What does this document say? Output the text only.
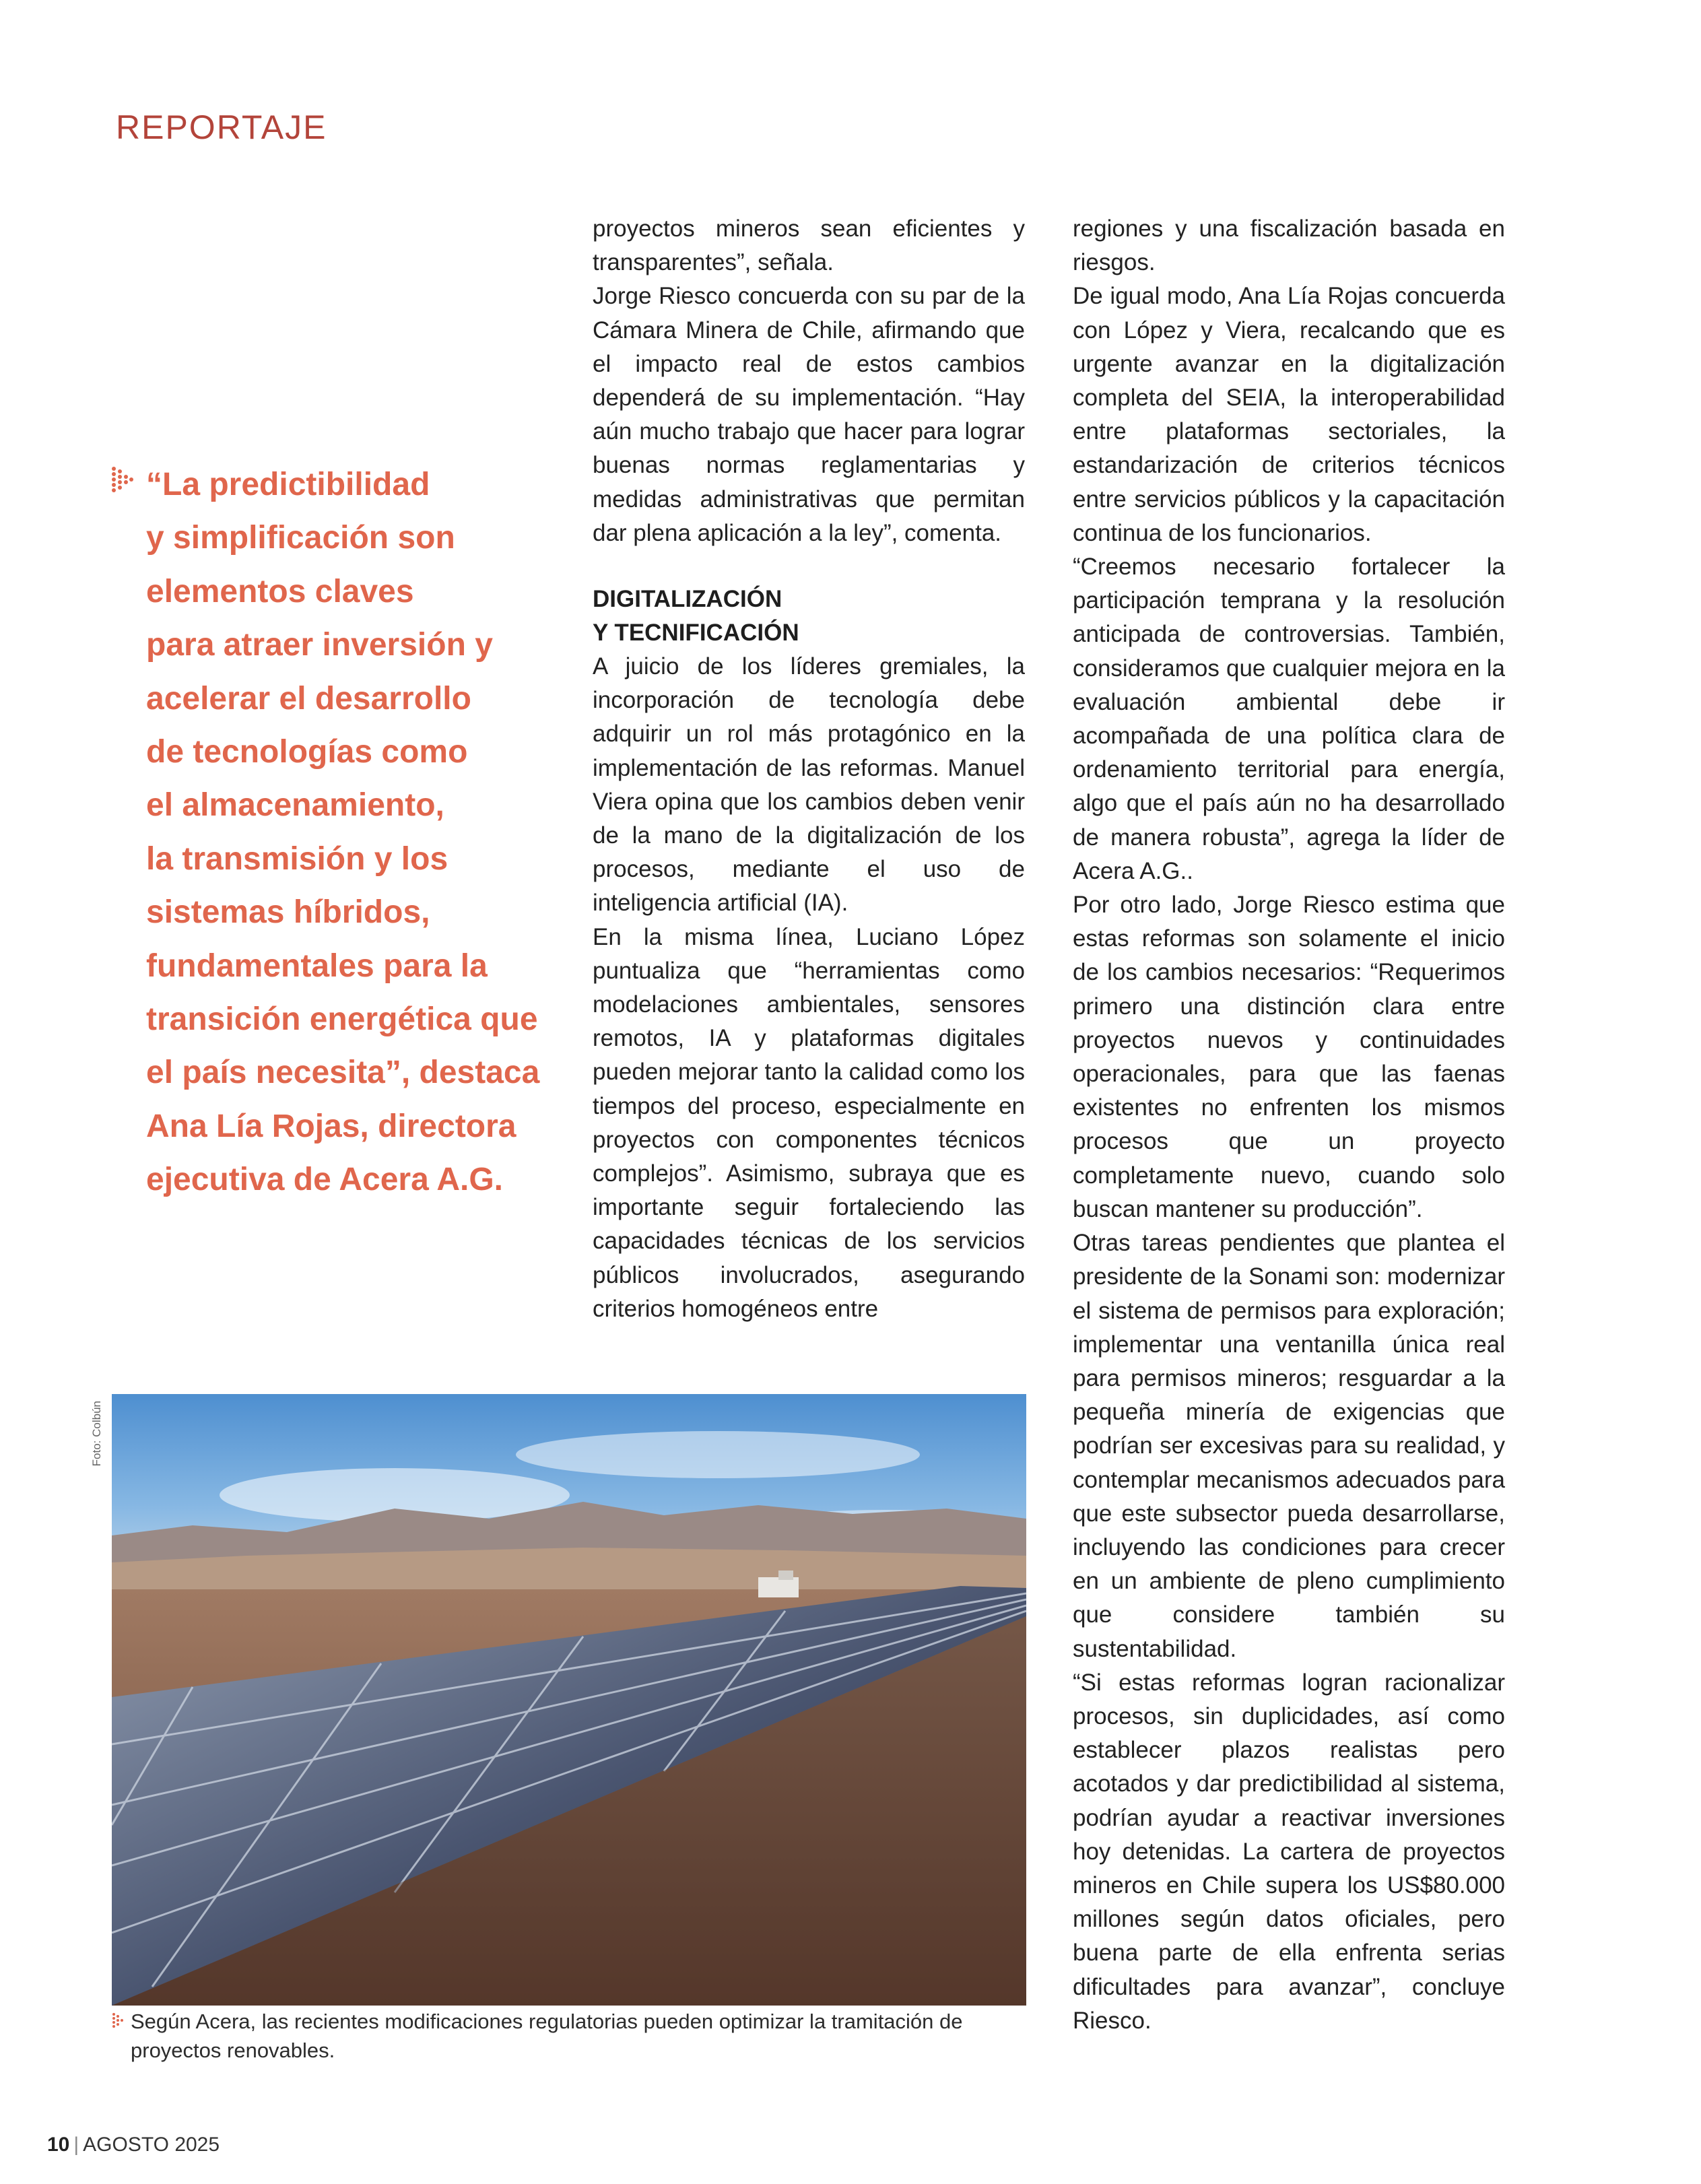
REPORTAJE
“La predictibilidad
y simplificación son
elementos claves
para atraer inversión y
acelerar el desarrollo
de tecnologías como
el almacenamiento,
la transmisión y los
sistemas híbridos,
fundamentales para la
transición energética que
el país necesita”, destaca
Ana Lía Rojas, directora
ejecutiva de Acera A.G.

proyectos mineros sean eficientes y transparentes”, señala.

Jorge Riesco concuerda con su par de la Cámara Minera de Chile, afirmando que el impacto real de estos cambios dependerá de su implementación. “Hay aún mucho trabajo que hacer para lograr buenas normas reglamentarias y medidas administrativas que permitan dar plena aplicación a la ley”, comenta.

DIGITALIZACIÓN
Y TECNIFICACIÓN

A juicio de los líderes gremiales, la incorporación de tecnología debe adquirir un rol más protagónico en la implementación de las reformas. Manuel Viera opina que los cambios deben venir de la mano de la digitalización de los procesos, mediante el uso de inteligencia artificial (IA).

En la misma línea, Luciano López puntualiza que “herramientas como modelaciones ambientales, sensores remotos, IA y plataformas digitales pueden mejorar tanto la calidad como los tiempos del proceso, especialmente en proyectos con componentes técnicos complejos”. Asimismo, subraya que es importante seguir fortaleciendo las capacidades técnicas de los servicios públicos involucrados, asegurando criterios homogéneos entre

regiones y una fiscalización basada en riesgos.

De igual modo, Ana Lía Rojas concuerda con López y Viera, recalcando que es urgente avanzar en la digitalización completa del SEIA, la interoperabilidad entre plataformas sectoriales, la estandarización de criterios técnicos entre servicios públicos y la capacitación continua de los funcionarios.

“Creemos necesario fortalecer la participación temprana y la resolución anticipada de controversias. También, consideramos que cualquier mejora en la evaluación ambiental debe ir acompañada de una política clara de ordenamiento territorial para energía, algo que el país aún no ha desarrollado de manera robusta”, agrega la líder de Acera A.G..

Por otro lado, Jorge Riesco estima que estas reformas son solamente el inicio de los cambios necesarios: “Requerimos primero una distinción clara entre proyectos nuevos y continuidades operacionales, para que las faenas existentes no enfrenten los mismos procesos que un proyecto completamente nuevo, cuando solo buscan mantener su producción”.

Otras tareas pendientes que plantea el presidente de la Sonami son: modernizar el sistema de permisos para exploración; implementar una ventanilla única real para permisos mineros; resguardar a la pequeña minería de exigencias que podrían ser excesivas para su realidad, y contemplar mecanismos adecuados para que este subsector pueda desarrollarse, incluyendo las condiciones para crecer en un ambiente de pleno cumplimiento que considere también su sustentabilidad.

“Si estas reformas logran racionalizar procesos, sin duplicidades, así como establecer plazos realistas pero acotados y dar predictibilidad al sistema, podrían ayudar a reactivar inversiones hoy detenidas. La cartera de proyectos mineros en Chile supera los US$80.000 millones según datos oficiales, pero buena parte de ella enfrenta serias dificultades para avanzar”, concluye Riesco.

Foto: Colbún

Según Acera, las recientes modificaciones regulatorias pueden optimizar la tramitación de proyectos renovables.

10 | AGOSTO 2025
